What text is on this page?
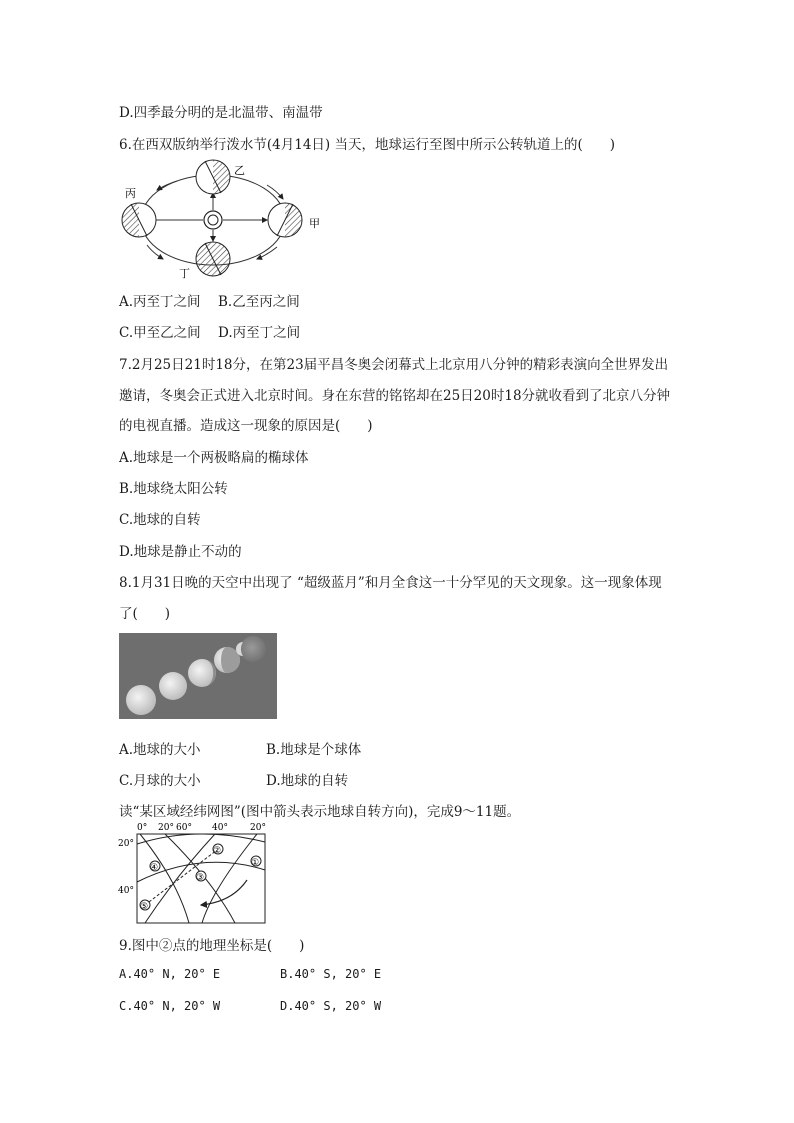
D.四季最分明的是北温带、南温带
6.在西双版纳举行泼水节(4月14日) 当天，地球运行至图中所示公转轨道上的(　　)
乙
丙
甲
丁
A.丙至丁之间 B.乙至丙之间
C.甲至乙之间 D.丙至丁之间
7.2月25日21时18分，在第23届平昌冬奥会闭幕式上北京用八分钟的精彩表演向全世界发出
邀请，冬奥会正式进入北京时间。身在东营的铭铭却在25日20时18分就收看到了北京八分钟
的电视直播。造成这一现象的原因是(　　)
A.地球是一个两极略扁的椭球体
B.地球绕太阳公转
C.地球的自转
D.地球是静止不动的
8.1月31日晚的天空中出现了 “超级蓝月”和月全食这一十分罕见的天文现象。这一现象体现
了(　　)
A.地球的大小	B.地球是个球体
C.月球的大小	D.地球的自转
读“某区域经纬网图”(图中箭头表示地球自转方向)，完成9～11题。
0° 20° 60° 40° 20°
20°
40°
①
②
③
④
⑤
9.图中②点的地理坐标是(　　)
A.40° N, 20° E	B.40° S, 20° E
C.40° N, 20° W	D.40° S, 20° W
